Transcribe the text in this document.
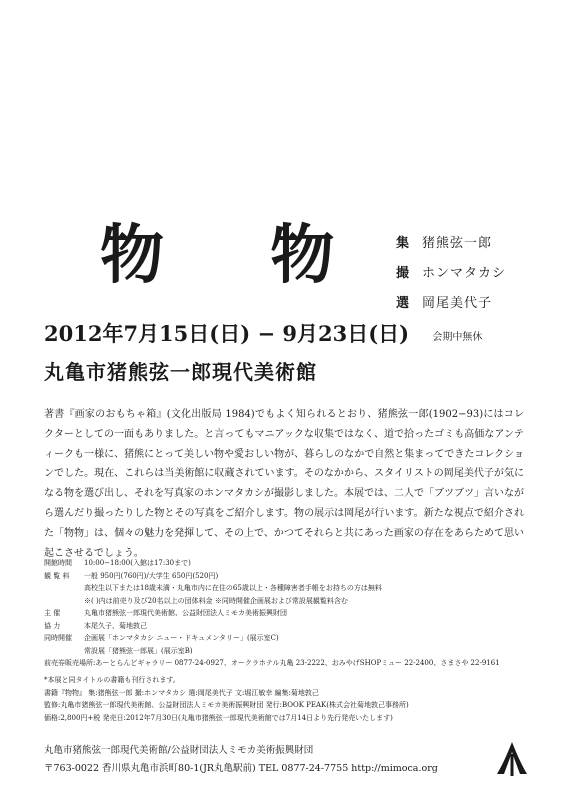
物 物 集 猪熊弦一郎
撮 ホンマタカシ
選 岡尾美代子
2012年7月15日(日) − 9月23日(日) 会期中無休
丸亀市猪熊弦一郎現代美術館

著書『画家のおもちゃ箱』(文化出版局 1984)でもよく知られるとおり、猪熊弦一郎(1902−93)にはコレクターとしての一面もありました。と言ってもマニアックな収集ではなく、道で拾ったゴミも高価なアンティークも一様に、猪熊にとって美しい物や愛おしい物が、暮らしのなかで自然と集まってできたコレクションでした。現在、これらは当美術館に収蔵されています。そのなかから、スタイリストの岡尾美代子が気になる物を選び出し、それを写真家のホンマタカシが撮影しました。本展では、二人で「ブツブツ」言いながら選んだり撮ったりした物とその写真をご紹介します。物の展示は岡尾が行います。新たな視点で紹介された「物物」は、個々の魅力を発揮して、その上で、かつてそれらと共にあった画家の存在をあらためて思い起こさせるでしょう。

開館時間	10:00−18:00(入館は17:30まで)
観 覧 料	一般 950円(760円)/大学生 650円(520円)
高校生以下または18歳未満・丸亀市内に在住の65歳以上・各種障害者手帳をお持ちの方は無料
※( )内は前売り及び20名以上の団体料金 ※同時開催企画展および常設展観覧料含む
主 催	丸亀市猪熊弦一郎現代美術館、公益財団法人ミモカ美術振興財団
協 力	本尾久子、菊地敦己
同時開催	企画展「ホンマタカシ ニュー・ドキュメンタリー」(展示室C)
常設展「猪熊弦一郎展」(展示室B)
前売券販売場所:あーとらんどギャラリー 0877-24-0927、オークラホテル丸亀 23-2222、おみやげSHOPミュー 22-2400、さまさや 22-9161
*本展と同タイトルの書籍も刊行されます。
書籍『物物』 集:猪熊弦一郎 撮:ホンマタカシ 選:岡尾美代子 文:堀江敏幸 編集:菊地敦己
監修:丸亀市猪熊弦一郎現代美術館、公益財団法人ミモカ美術振興財団 発行:BOOK PEAK(株式会社菊地敦己事務所)
価格:2,800円+税 発売日:2012年7月30日(丸亀市猪熊弦一郎現代美術館では7月14日より先行発売いたします)
丸亀市猪熊弦一郎現代美術館/公益財団法人ミモカ美術振興財団
〒763-0022 香川県丸亀市浜町80-1(JR丸亀駅前) TEL 0877-24-7755 http://mimoca.org
